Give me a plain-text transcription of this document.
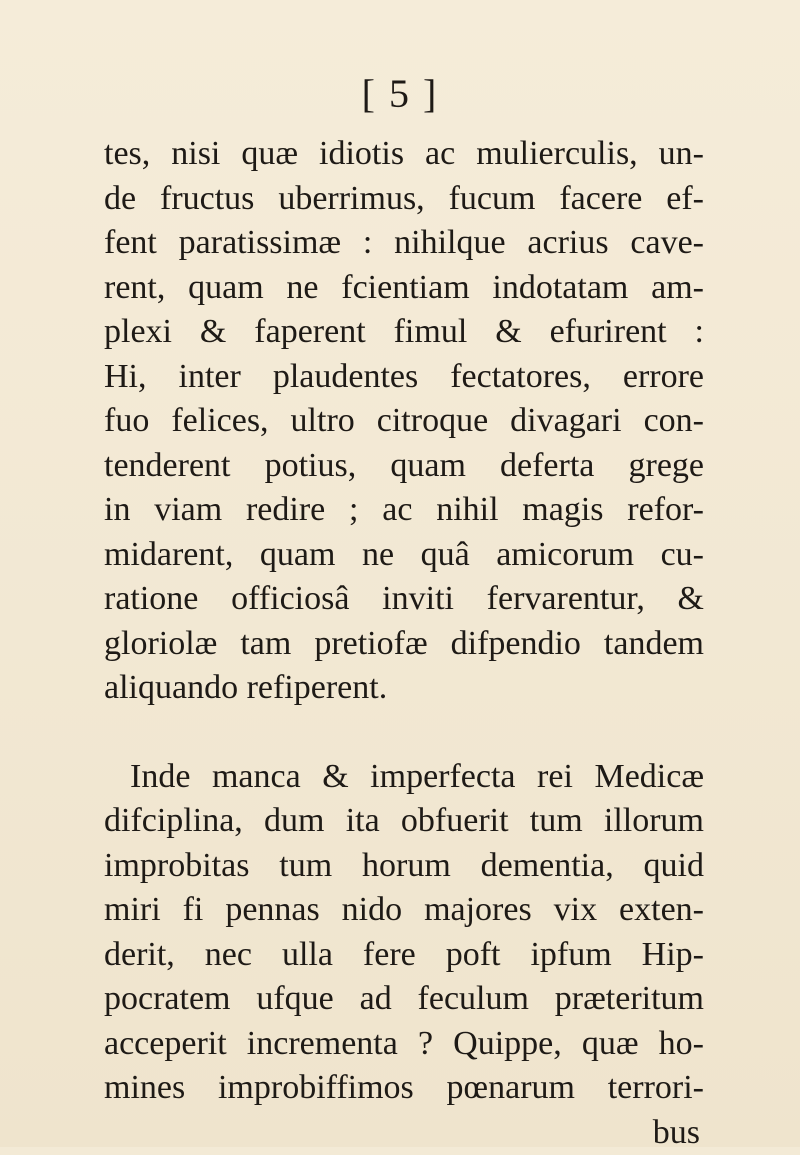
[ 5 ]
tes, nisi quæ idiotis ac mulierculis, un-
de fructus uberrimus, fucum facere ef-
fent paratissimæ : nihilque acrius cave-
rent, quam ne fcientiam indotatam am-
plexi & faperent fimul & efurirent :
Hi, inter plaudentes fectatores, errore
fuo felices, ultro citroque divagari con-
tenderent potius, quam deferta grege
in viam redire ; ac nihil magis refor-
midarent, quam ne quâ amicorum cu-
ratione officiosâ inviti fervarentur, &
gloriolæ tam pretiofæ difpendio tandem
aliquando refiperent.
Inde manca & imperfecta rei Medicæ
difciplina, dum ita obfuerit tum illorum
improbitas tum horum dementia, quid
miri fi pennas nido majores vix exten-
derit, nec ulla fere poft ipfum Hip-
pocratem ufque ad feculum præteritum
acceperit incrementa ? Quippe, quæ ho-
mines improbiffimos pœnarum terrori-
bus
